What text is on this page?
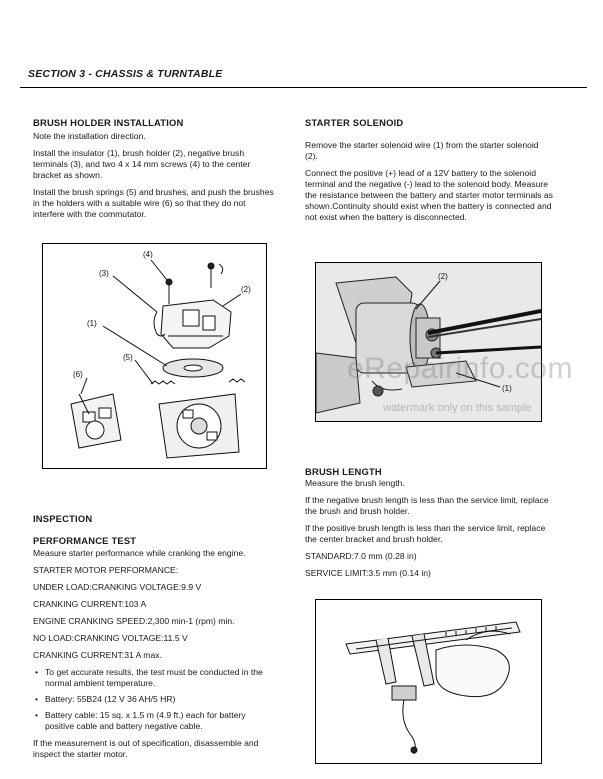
SECTION 3 - CHASSIS & TURNTABLE
BRUSH HOLDER INSTALLATION
Note the installation direction.
Install the insulator (1), brush holder (2), negative brush terminals (3), and two 4 x 14 mm screws (4) to the center bracket as shown.
Install the brush springs (5) and brushes, and push the brushes in the holders with a suitable wire (6) so that they do not interfere with the commutator.
(4)
(3)
(2)
(1)
(5)
(6)
INSPECTION
PERFORMANCE TEST
Measure starter performance while cranking the engine.
STARTER MOTOR PERFORMANCE:
UNDER LOAD:CRANKING VOLTAGE:9.9 V
CRANKING CURRENT:103 A
ENGINE CRANKING SPEED:2,300 min-1 (rpm) min.
NO LOAD:CRANKING VOLTAGE:11.5 V
CRANKING CURRENT:31 A max.
• To get accurate results, the test must be conducted in the normal ambient temperature.
• Battery: 55B24 (12 V 36 AH/5 HR)
• Battery cable: 15 sq. x 1.5 m (4.9 ft.) each for battery positive cable and battery negative cable.
If the measurement is out of specification, disassemble and inspect the starter motor.
STARTER SOLENOID
Remove the starter solenoid wire (1) from the starter solenoid (2).
Connect the positive (+) lead of a 12V battery to the solenoid terminal and the negative (-) lead to the solenoid body. Measure the resistance between the battery and starter motor terminals as shown.Continuity should exist when the battery is connected and not exist when the battery is disconnected.
(2)
(1)
eRepairinfo.com
watermark only on this sample
BRUSH LENGTH
Measure the brush length.
If the negative brush length is less than the service limit, replace the brush and brush holder.
If the positive brush length is less than the service limit, replace the center bracket and brush holder.
STANDARD:7.0 mm (0.28 in)
SERVICE LIMIT:3.5 mm (0.14 in)
